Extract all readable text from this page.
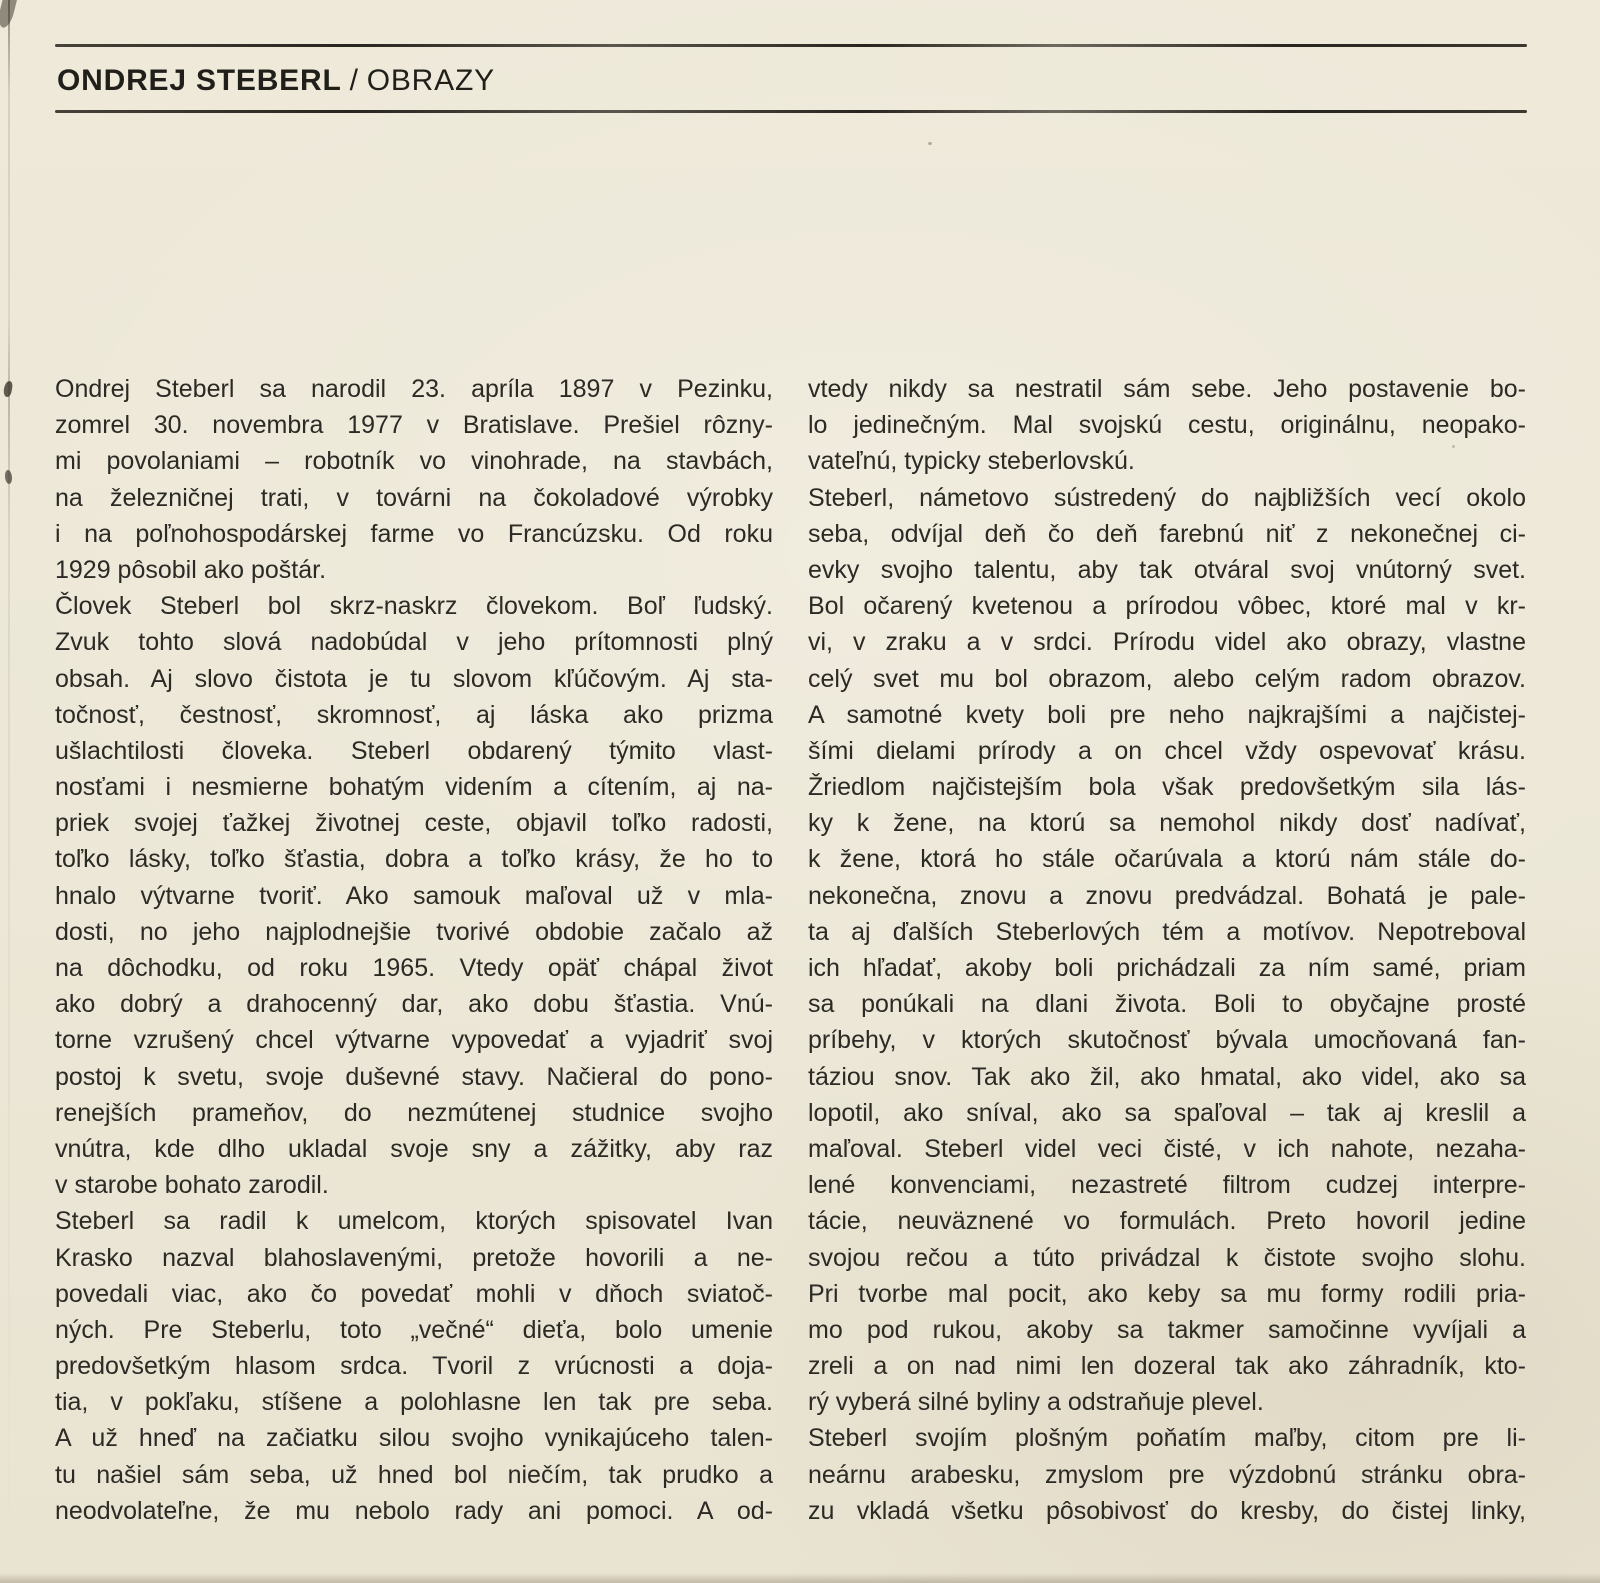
ONDREJ STEBERL / OBRAZY
Ondrej Steberl sa narodil 23. apríla 1897 v Pezinku,
zomrel 30. novembra 1977 v Bratislave. Prešiel rôzny-
mi povolaniami – robotník vo vinohrade, na stavbách,
na železničnej trati, v továrni na čokoladové výrobky
i na poľnohospodárskej farme vo Francúzsku. Od roku
1929 pôsobil ako poštár.
Človek Steberl bol skrz-naskrz človekom. Boľ ľudský.
Zvuk tohto slová nadobúdal v jeho prítomnosti plný
obsah. Aj slovo čistota je tu slovom kľúčovým. Aj sta-
točnosť, čestnosť, skromnosť, aj láska ako prizma
ušlachtilosti človeka. Steberl obdarený týmito vlast-
nosťami i nesmierne bohatým videním a cítením, aj na-
priek svojej ťažkej životnej ceste, objavil toľko radosti,
toľko lásky, toľko šťastia, dobra a toľko krásy, že ho to
hnalo výtvarne tvoriť. Ako samouk maľoval už v mla-
dosti, no jeho najplodnejšie tvorivé obdobie začalo až
na dôchodku, od roku 1965. Vtedy opäť chápal život
ako dobrý a drahocenný dar, ako dobu šťastia. Vnú-
torne vzrušený chcel výtvarne vypovedať a vyjadriť svoj
postoj k svetu, svoje duševné stavy. Načieral do pono-
renejších prameňov, do nezmútenej studnice svojho
vnútra, kde dlho ukladal svoje sny a zážitky, aby raz
v starobe bohato zarodil.
Steberl sa radil k umelcom, ktorých spisovatel Ivan
Krasko nazval blahoslavenými, pretože hovorili a ne-
povedali viac, ako čo povedať mohli v dňoch sviatoč-
ných. Pre Steberlu, toto „večné“ dieťa, bolo umenie
predovšetkým hlasom srdca. Tvoril z vrúcnosti a doja-
tia, v pokľaku, stíšene a polohlasne len tak pre seba.
A už hneď na začiatku silou svojho vynikajúceho talen-
tu našiel sám seba, už hned bol niečím, tak prudko a
neodvolateľne, že mu nebolo rady ani pomoci. A od-
vtedy nikdy sa nestratil sám sebe. Jeho postavenie bo-
lo jedinečným. Mal svojskú cestu, originálnu, neopako-
vateľnú, typicky steberlovskú.
Steberl, námetovo sústredený do najbližších vecí okolo
seba, odvíjal deň čo deň farebnú niť z nekonečnej ci-
evky svojho talentu, aby tak otváral svoj vnútorný svet.
Bol očarený kvetenou a prírodou vôbec, ktoré mal v kr-
vi, v zraku a v srdci. Prírodu videl ako obrazy, vlastne
celý svet mu bol obrazom, alebo celým radom obrazov.
A samotné kvety boli pre neho najkrajšími a najčistej-
šími dielami prírody a on chcel vždy ospevovať krásu.
Žriedlom najčistejším bola však predovšetkým sila lás-
ky k žene, na ktorú sa nemohol nikdy dosť nadívať,
k žene, ktorá ho stále očarúvala a ktorú nám stále do-
nekonečna, znovu a znovu predvádzal. Bohatá je pale-
ta aj ďalších Steberlových tém a motívov. Nepotreboval
ich hľadať, akoby boli prichádzali za ním samé, priam
sa ponúkali na dlani života. Boli to obyčajne prosté
príbehy, v ktorých skutočnosť bývala umocňovaná fan-
táziou snov. Tak ako žil, ako hmatal, ako videl, ako sa
lopotil, ako sníval, ako sa spaľoval – tak aj kreslil a
maľoval. Steberl videl veci čisté, v ich nahote, nezaha-
lené konvenciami, nezastreté filtrom cudzej interpre-
tácie, neuväznené vo formulách. Preto hovoril jedine
svojou rečou a túto privádzal k čistote svojho slohu.
Pri tvorbe mal pocit, ako keby sa mu formy rodili pria-
mo pod rukou, akoby sa takmer samočinne vyvíjali a
zreli a on nad nimi len dozeral tak ako záhradník, kto-
rý vyberá silné byliny a odstraňuje plevel.
Steberl svojím plošným poňatím maľby, citom pre li-
neárnu arabesku, zmyslom pre výzdobnú stránku obra-
zu vkladá všetku pôsobivosť do kresby, do čistej linky,
